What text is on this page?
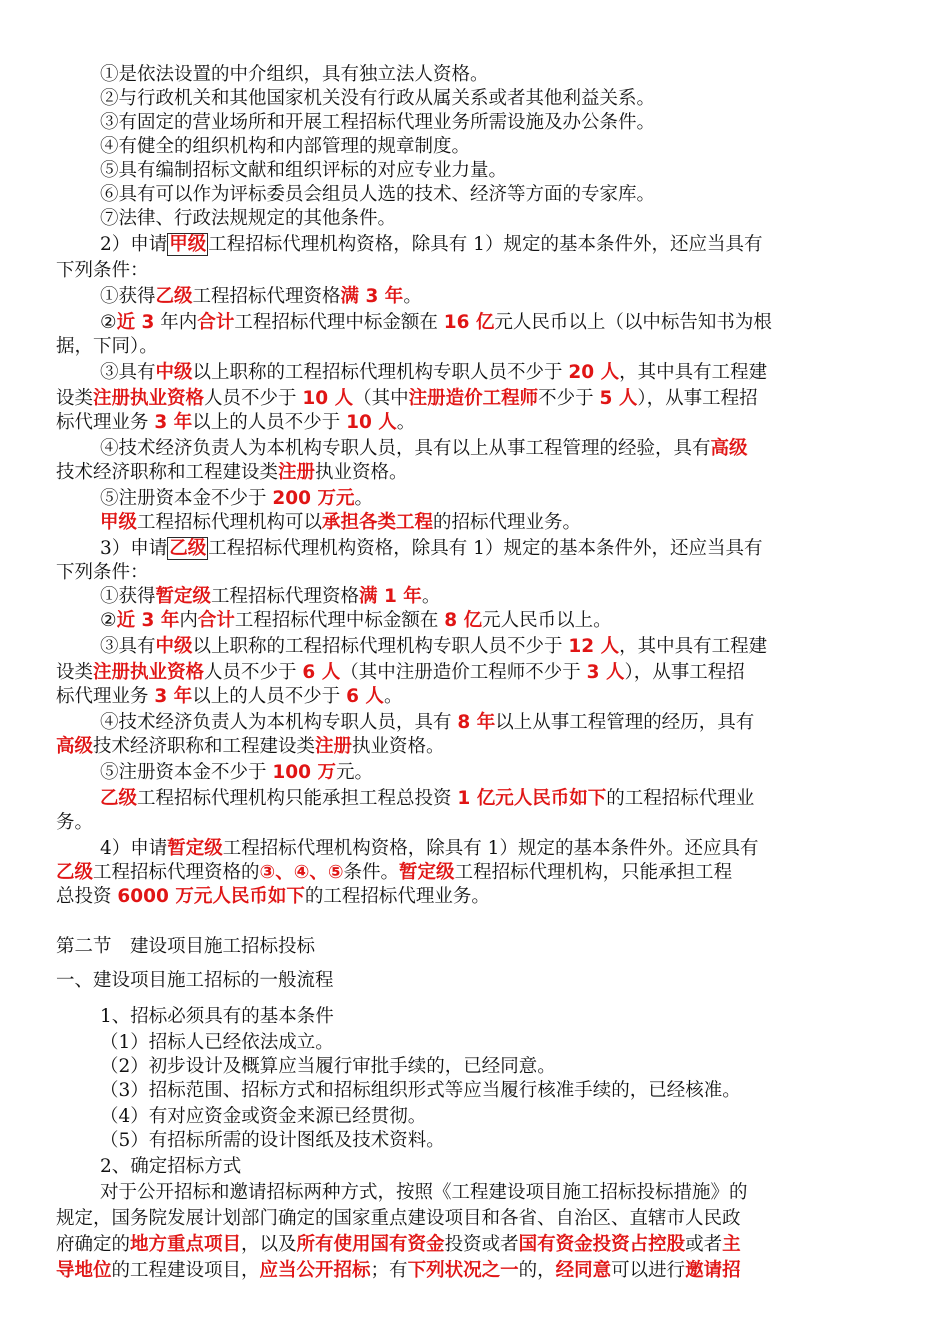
①是依法设置的中介组织，具有独立法人资格。
②与行政机关和其他国家机关没有行政从属关系或者其他利益关系。
③有固定的营业场所和开展工程招标代理业务所需设施及办公条件。
④有健全的组织机构和内部管理的规章制度。
⑤具有编制招标文献和组织评标的对应专业力量。
⑥具有可以作为评标委员会组员人选的技术、经济等方面的专家库。
⑦法律、行政法规规定的其他条件。
2）申请 甲级 工程招标代理机构资格，除具有 1）规定的基本条件外，还应当具有
下列条件：
①获得乙级工程招标代理资格满 3 年。
②近 3 年内合计工程招标代理中标金额在 16 亿元人民币以上（以中标告知书为根
据，下同）。
③具有中级以上职称的工程招标代理机构专职人员不少于 20 人，其中具有工程建
设类注册执业资格人员不少于 10 人（其中注册造价工程师不少于 5 人），从事工程招
标代理业务 3 年以上的人员不少于 10 人。
④技术经济负责人为本机构专职人员，具有以上从事工程管理的经验，具有高级
技术经济职称和工程建设类注册执业资格。
⑤注册资本金不少于 200 万元。
甲级工程招标代理机构可以承担各类工程的招标代理业务。
3）申请 乙级 工程招标代理机构资格，除具有 1）规定的基本条件外，还应当具有
下列条件：
①获得暂定级工程招标代理资格满 1 年。
②近 3 年内合计工程招标代理中标金额在 8 亿元人民币以上。
③具有中级以上职称的工程招标代理机构专职人员不少于 12 人，其中具有工程建
设类注册执业资格人员不少于 6 人（其中注册造价工程师不少于 3 人），从事工程招
标代理业务 3 年以上的人员不少于 6 人。
④技术经济负责人为本机构专职人员，具有 8 年以上从事工程管理的经历，具有
高级技术经济职称和工程建设类注册执业资格。
⑤注册资本金不少于 100 万元。
乙级工程招标代理机构只能承担工程总投资 1 亿元人民币如下的工程招标代理业
务。
4）申请暂定级工程招标代理机构资格，除具有 1）规定的基本条件外。还应具有
乙级工程招标代理资格的③、④、⑤条件。暂定级工程招标代理机构，只能承担工程
总投资 6000 万元人民币如下的工程招标代理业务。
第二节　建设项目施工招标投标
一、建设项目施工招标的一般流程
1、招标必须具有的基本条件
（1）招标人已经依法成立。
（2）初步设计及概算应当履行审批手续的，已经同意。
（3）招标范围、招标方式和招标组织形式等应当履行核准手续的，已经核准。
（4）有对应资金或资金来源已经贯彻。
（5）有招标所需的设计图纸及技术资料。
2、确定招标方式
对于公开招标和邀请招标两种方式，按照《工程建设项目施工招标投标措施》的
规定，国务院发展计划部门确定的国家重点建设项目和各省、自治区、直辖市人民政
府确定的地方重点项目，以及所有使用国有资金投资或者国有资金投资占控股或者主
导地位的工程建设项目，应当公开招标；有下列状况之一的，经同意可以进行邀请招
